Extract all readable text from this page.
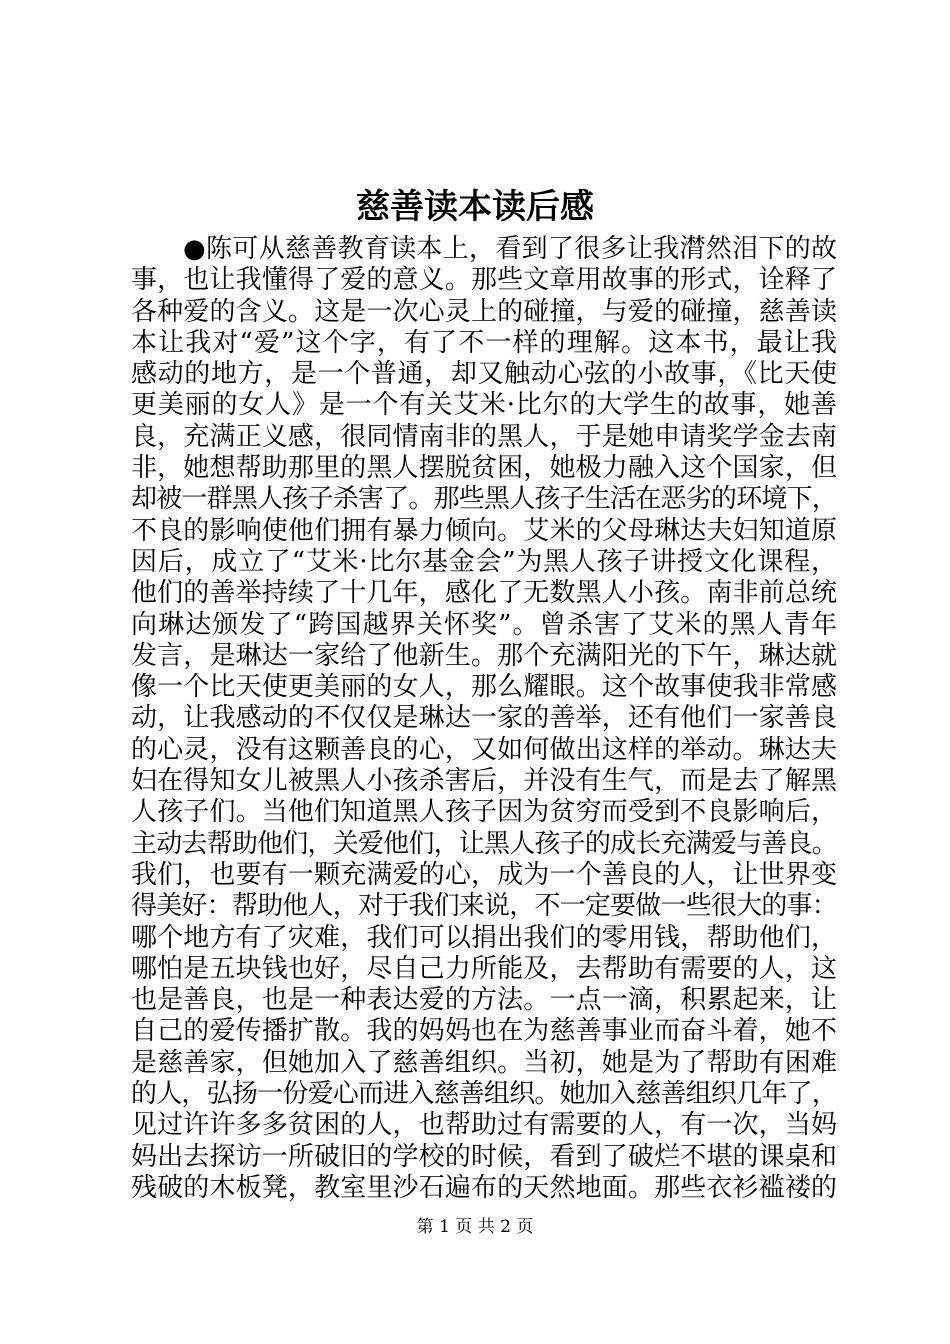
慈善读本读后感
●陈可从慈善教育读本上，看到了很多让我潸然泪下的故
事，也让我懂得了爱的意义。那些文章用故事的形式，诠释了
各种爱的含义。这是一次心灵上的碰撞，与爱的碰撞，慈善读
本让我对“爱”这个字，有了不一样的理解。这本书，最让我
感动的地方，是一个普通，却又触动心弦的小故事，《比天使
更美丽的女人》是一个有关艾米·比尔的大学生的故事，她善
良，充满正义感，很同情南非的黑人，于是她申请奖学金去南
非，她想帮助那里的黑人摆脱贫困，她极力融入这个国家，但
却被一群黑人孩子杀害了。那些黑人孩子生活在恶劣的环境下，
不良的影响使他们拥有暴力倾向。艾米的父母琳达夫妇知道原
因后，成立了“艾米·比尔基金会”为黑人孩子讲授文化课程，
他们的善举持续了十几年，感化了无数黑人小孩。南非前总统
向琳达颁发了“跨国越界关怀奖”。曾杀害了艾米的黑人青年
发言，是琳达一家给了他新生。那个充满阳光的下午，琳达就
像一个比天使更美丽的女人，那么耀眼。这个故事使我非常感
动，让我感动的不仅仅是琳达一家的善举，还有他们一家善良
的心灵，没有这颗善良的心，又如何做出这样的举动。琳达夫
妇在得知女儿被黑人小孩杀害后，并没有生气，而是去了解黑
人孩子们。当他们知道黑人孩子因为贫穷而受到不良影响后，
主动去帮助他们，关爱他们，让黑人孩子的成长充满爱与善良。
我们，也要有一颗充满爱的心，成为一个善良的人，让世界变
得美好：帮助他人，对于我们来说，不一定要做一些很大的事：
哪个地方有了灾难，我们可以捐出我们的零用钱，帮助他们，
哪怕是五块钱也好，尽自己力所能及，去帮助有需要的人，这
也是善良，也是一种表达爱的方法。一点一滴，积累起来，让
自己的爱传播扩散。我的妈妈也在为慈善事业而奋斗着，她不
是慈善家，但她加入了慈善组织。当初，她是为了帮助有困难
的人，弘扬一份爱心而进入慈善组织。她加入慈善组织几年了，
见过许许多多贫困的人，也帮助过有需要的人，有一次，当妈
妈出去探访一所破旧的学校的时候，看到了破烂不堪的课桌和
残破的木板凳，教室里沙石遍布的天然地面。那些衣衫褴褛的
第 1 页 共 2 页
